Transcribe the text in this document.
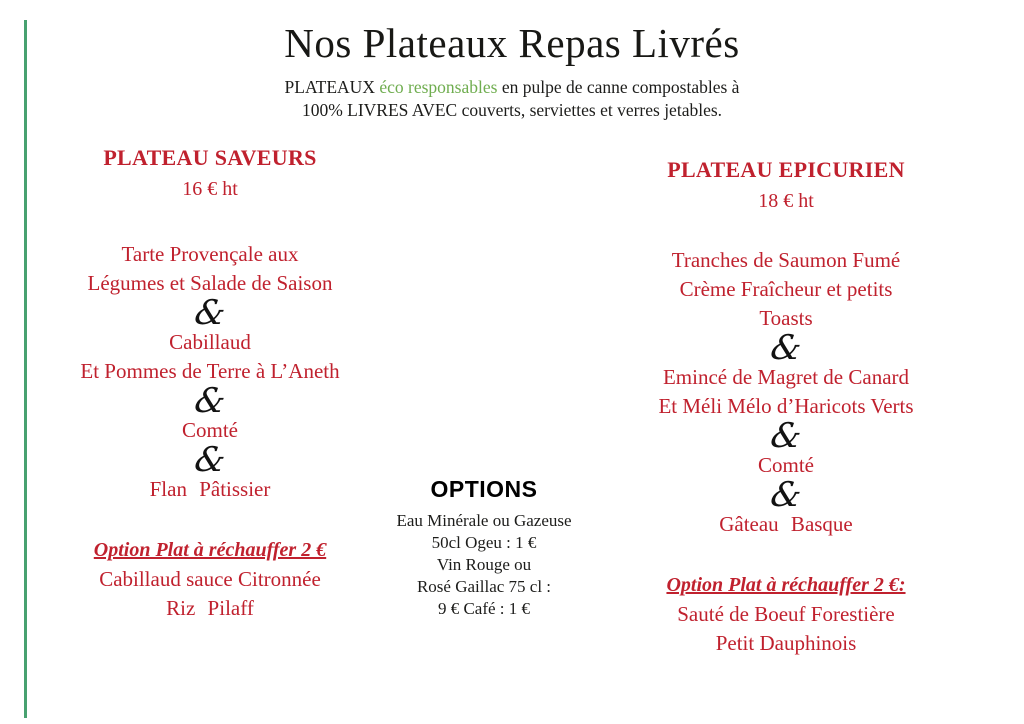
Nos Plateaux Repas Livrés
PLATEAUX éco responsables en pulpe de canne compostables à
100% LIVRES AVEC couverts, serviettes et verres jetables.
PLATEAU SAVEURS
16 € ht
Tarte Provençale aux
Légumes et Salade de Saison
&
Cabillaud
Et Pommes de Terre à L’Aneth
&
Comté
&
Flan Pâtissier
Option Plat à réchauffer 2 €
Cabillaud sauce Citronnée
Riz Pilaff
OPTIONS
Eau Minérale ou Gazeuse
50cl Ogeu : 1 €
Vin Rouge ou
Rosé Gaillac 75 cl :
9 € Café : 1 €
PLATEAU EPICURIEN
18 € ht
Tranches de Saumon Fumé
Crème Fraîcheur et petits
Toasts
&
Emincé de Magret de Canard
Et Méli Mélo d’Haricots Verts
&
Comté
&
Gâteau Basque
Option Plat à réchauffer 2 €:
Sauté de Boeuf Forestière
Petit Dauphinois
